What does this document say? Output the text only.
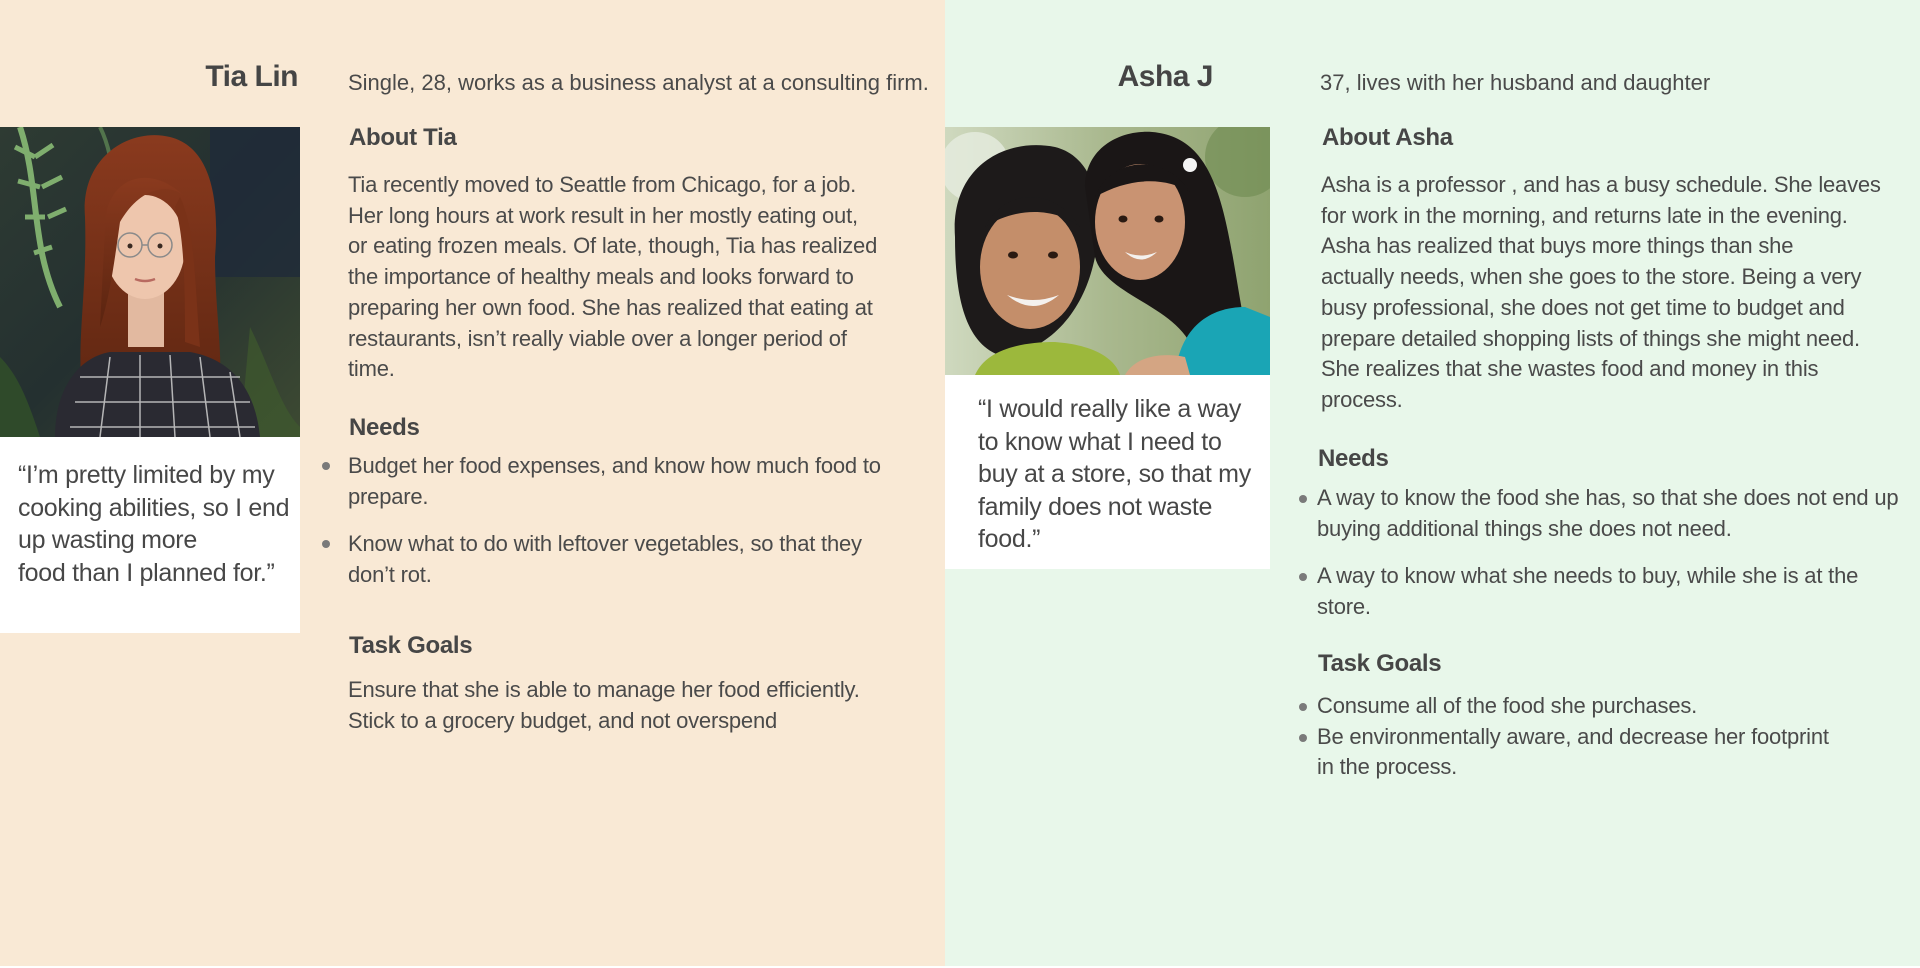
Tia Lin Single, 28, works as a business analyst at a consulting firm.

“I’m pretty limited by my
cooking abilities, so I end
up wasting more
food than I planned for.”

About Tia

Tia recently moved to Seattle from Chicago, for a job.
Her long hours at work result in her mostly eating out,
or eating frozen meals. Of late, though, Tia has realized
the importance of healthy meals and looks forward to
preparing her own food. She has realized that eating at
restaurants, isn’t really viable over a longer period of
time.

Needs
Budget her food expenses, and know how much food to
prepare.
Know what to do with leftover vegetables, so that they
don’t rot.
Task Goals

Ensure that she is able to manage her food efficiently.
Stick to a grocery budget, and not overspend

Asha J	37, lives with her husband and daughter

“I would really like a way
to know what I need to
buy at a store, so that my
family does not waste
food.”

About Asha

Asha is a professor , and has a busy schedule. She leaves
for work in the morning, and returns late in the evening.
Asha has realized that buys more things than she
actually needs, when she goes to the store. Being a very
busy professional, she does not get time to budget and
prepare detailed shopping lists of things she might need.
She realizes that she wastes food and money in this
process.

Needs
A way to know the food she has, so that she does not end up
buying additional things she does not need.
A way to know what she needs to buy, while she is at the
store.
Task Goals
Consume all of the food she purchases.
Be environmentally aware, and decrease her footprint
in the process.
